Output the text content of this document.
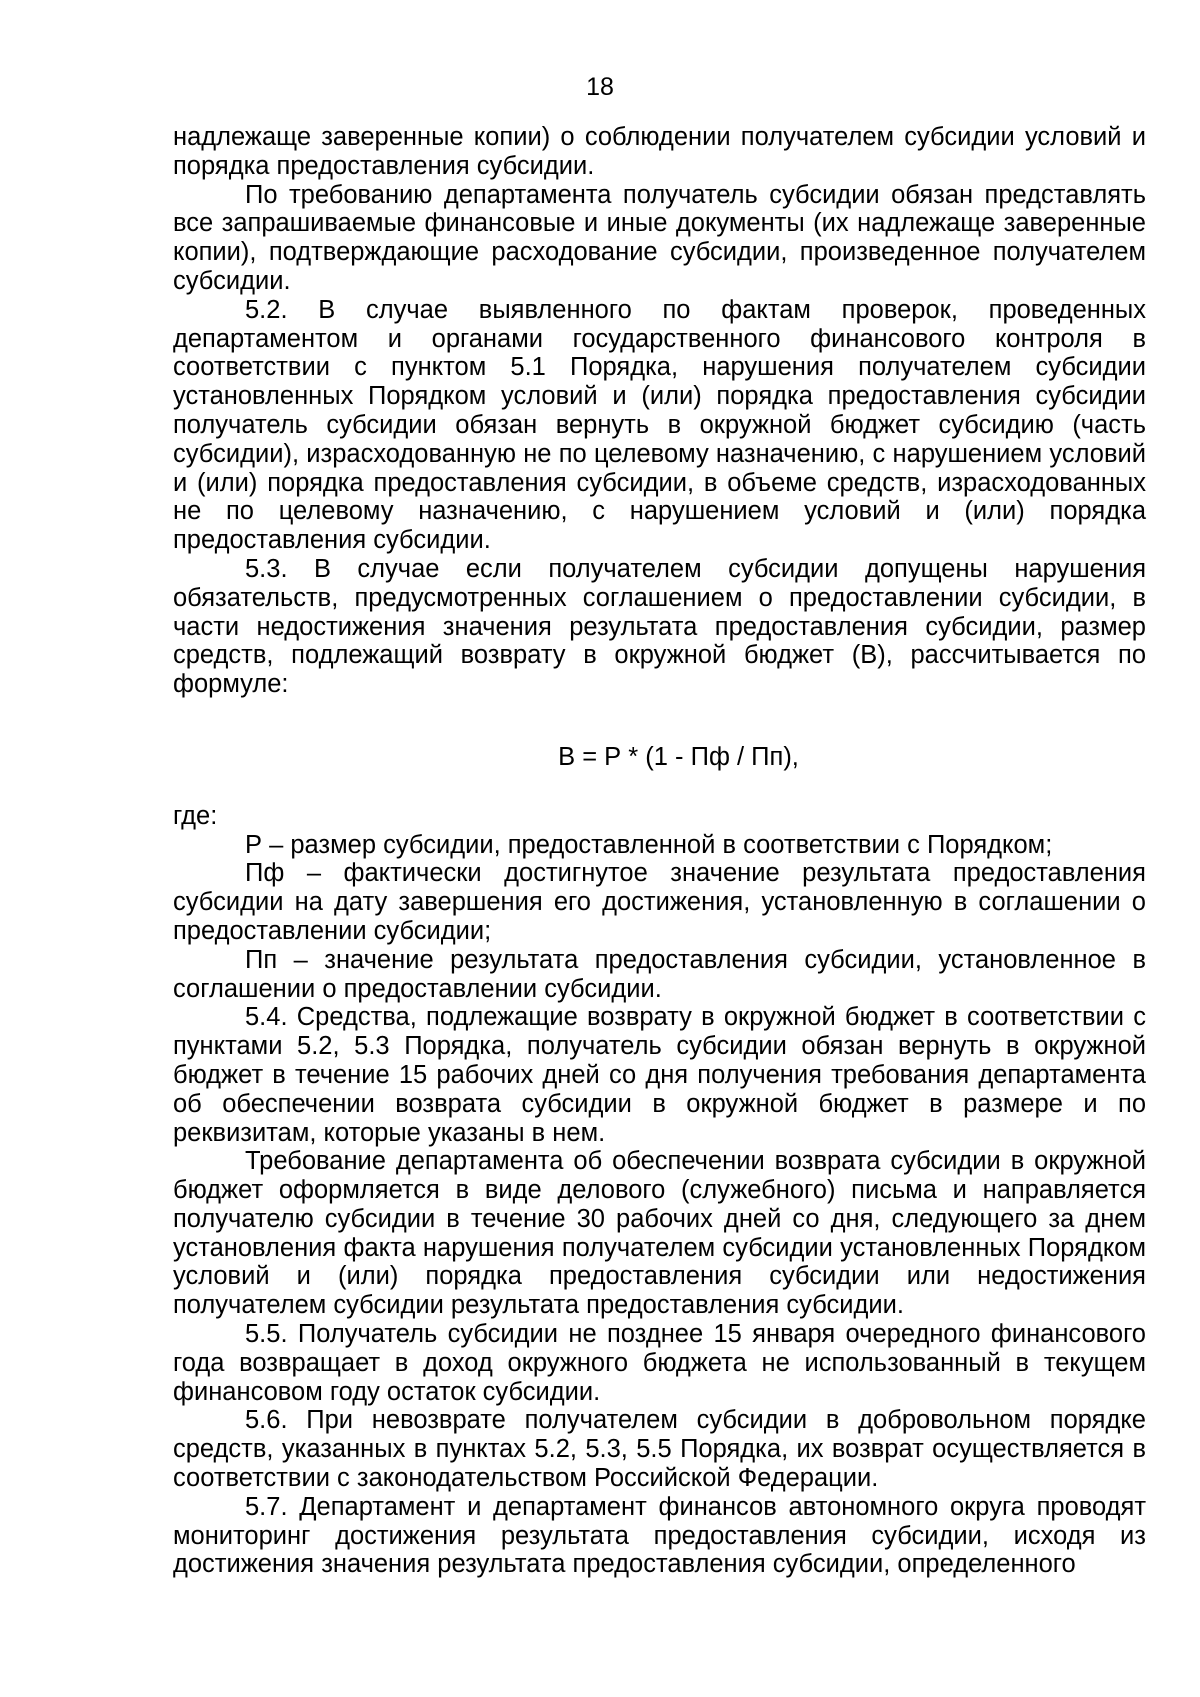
18

надлежаще заверенные копии) о соблюдении получателем субсидии условий и порядка предоставления субсидии.

По требованию департамента получатель субсидии обязан представлять все запрашиваемые финансовые и иные документы (их надлежаще заверенные копии), подтверждающие расходование субсидии, произведенное получателем субсидии.

5.2. В случае выявленного по фактам проверок, проведенных департаментом и органами государственного финансового контроля в соответствии с пунктом 5.1 Порядка, нарушения получателем субсидии установленных Порядком условий и (или) порядка предоставления субсидии получатель субсидии обязан вернуть в окружной бюджет субсидию (часть субсидии), израсходованную не по целевому назначению, с нарушением условий и (или) порядка предоставления субсидии, в объеме средств, израсходованных не по целевому назначению, с нарушением условий и (или) порядка предоставления субсидии.

5.3. В случае если получателем субсидии допущены нарушения обязательств, предусмотренных соглашением о предоставлении субсидии, в части недостижения значения результата предоставления субсидии, размер средств, подлежащий возврату в окружной бюджет (В), рассчитывается по формуле:

В = Р * (1 - Пф / Пп),

где:

Р – размер субсидии, предоставленной в соответствии с Порядком;

Пф – фактически достигнутое значение результата предоставления субсидии на дату завершения его достижения, установленную в соглашении о предоставлении субсидии;

Пп – значение результата предоставления субсидии, установленное в соглашении о предоставлении субсидии.

5.4. Средства, подлежащие возврату в окружной бюджет в соответствии с пунктами 5.2, 5.3 Порядка, получатель субсидии обязан вернуть в окружной бюджет в течение 15 рабочих дней со дня получения требования департамента об обеспечении возврата субсидии в окружной бюджет в размере и по реквизитам, которые указаны в нем.

Требование департамента об обеспечении возврата субсидии в окружной бюджет оформляется в виде делового (служебного) письма и направляется получателю субсидии в течение 30 рабочих дней со дня, следующего за днем установления факта нарушения получателем субсидии установленных Порядком условий и (или) порядка предоставления субсидии или недостижения получателем субсидии результата предоставления субсидии.

5.5. Получатель субсидии не позднее 15 января очередного финансового года возвращает в доход окружного бюджета не использованный в текущем финансовом году остаток субсидии.

5.6. При невозврате получателем субсидии в добровольном порядке средств, указанных в пунктах 5.2, 5.3, 5.5 Порядка, их возврат осуществляется в соответствии с законодательством Российской Федерации.

5.7. Департамент и департамент финансов автономного округа проводят мониторинг достижения результата предоставления субсидии, исходя из достижения значения результата предоставления субсидии, определенного
